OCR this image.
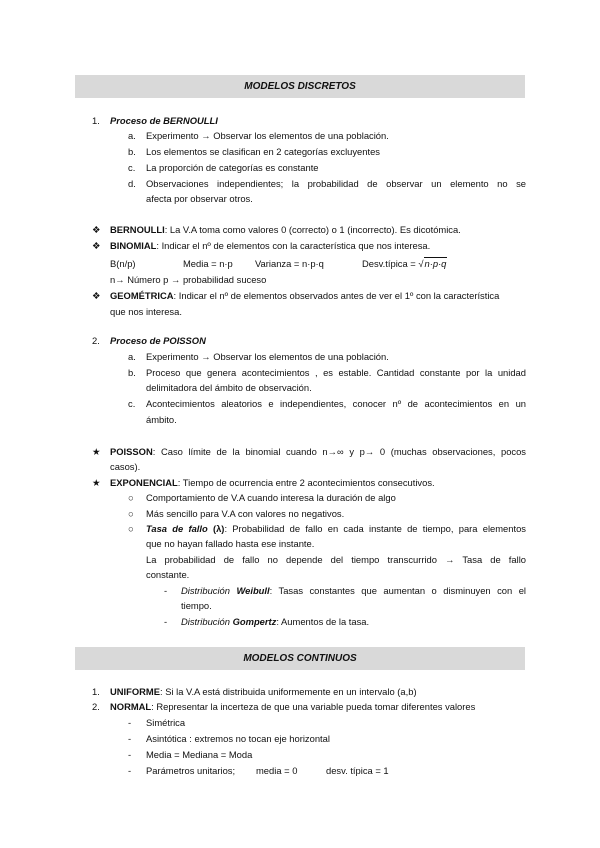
MODELOS DISCRETOS
1. Proceso de BERNOULLI
a. Experimento → Observar los elementos de una población.
b. Los elementos se clasifican en 2 categorías excluyentes
c. La proporción de categorías es constante
d. Observaciones independientes; la probabilidad de observar un elemento no se
afecta por observar otros.
❖ BERNOULLI: La V.A toma como valores 0 (correcto) o 1 (incorrecto). Es dicotómica.
❖ BINOMIAL: Indicar el nº de elementos con la característica que nos interesa.
B(n/p)	Media = n·p Varianza = n·p·q	Desv.típica = √n·p·q
n→ Número p → probabilidad suceso
❖ GEOMÉTRICA: Indicar el nº de elementos observados antes de ver el 1º con la característica
que nos interesa.
2. Proceso de POISSON
a. Experimento → Observar los elementos de una población.
b. Proceso que genera acontecimientos , es estable. Cantidad constante por la unidad
delimitadora del ámbito de observación.
c. Acontecimientos aleatorios e independientes, conocer nº de acontecimientos en un
ámbito.
★ POISSON: Caso límite de la binomial cuando n→∞ y p→ 0 (muchas observaciones, pocos
casos).
★ EXPONENCIAL: Tiempo de ocurrencia entre 2 acontecimientos consecutivos.
○ Comportamiento de V.A cuando interesa la duración de algo
○ Más sencillo para V.A con valores no negativos.
○ Tasa de fallo (λ): Probabilidad de fallo en cada instante de tiempo, para elementos
que no hayan fallado hasta ese instante.
La probabilidad de fallo no depende del tiempo transcurrido → Tasa de fallo
constante.
- Distribución Weibull: Tasas constantes que aumentan o disminuyen con el
tiempo.
- Distribución Gompertz: Aumentos de la tasa.
MODELOS CONTINUOS
1. UNIFORME: Si la V.A está distribuida uniformemente en un intervalo (a,b)
2. NORMAL: Representar la incerteza de que una variable pueda tomar diferentes valores
- Simétrica
- Asintótica : extremos no tocan eje horizontal
- Media = Mediana = Moda
- Parámetros unitarios; media = 0	desv. típica = 1
